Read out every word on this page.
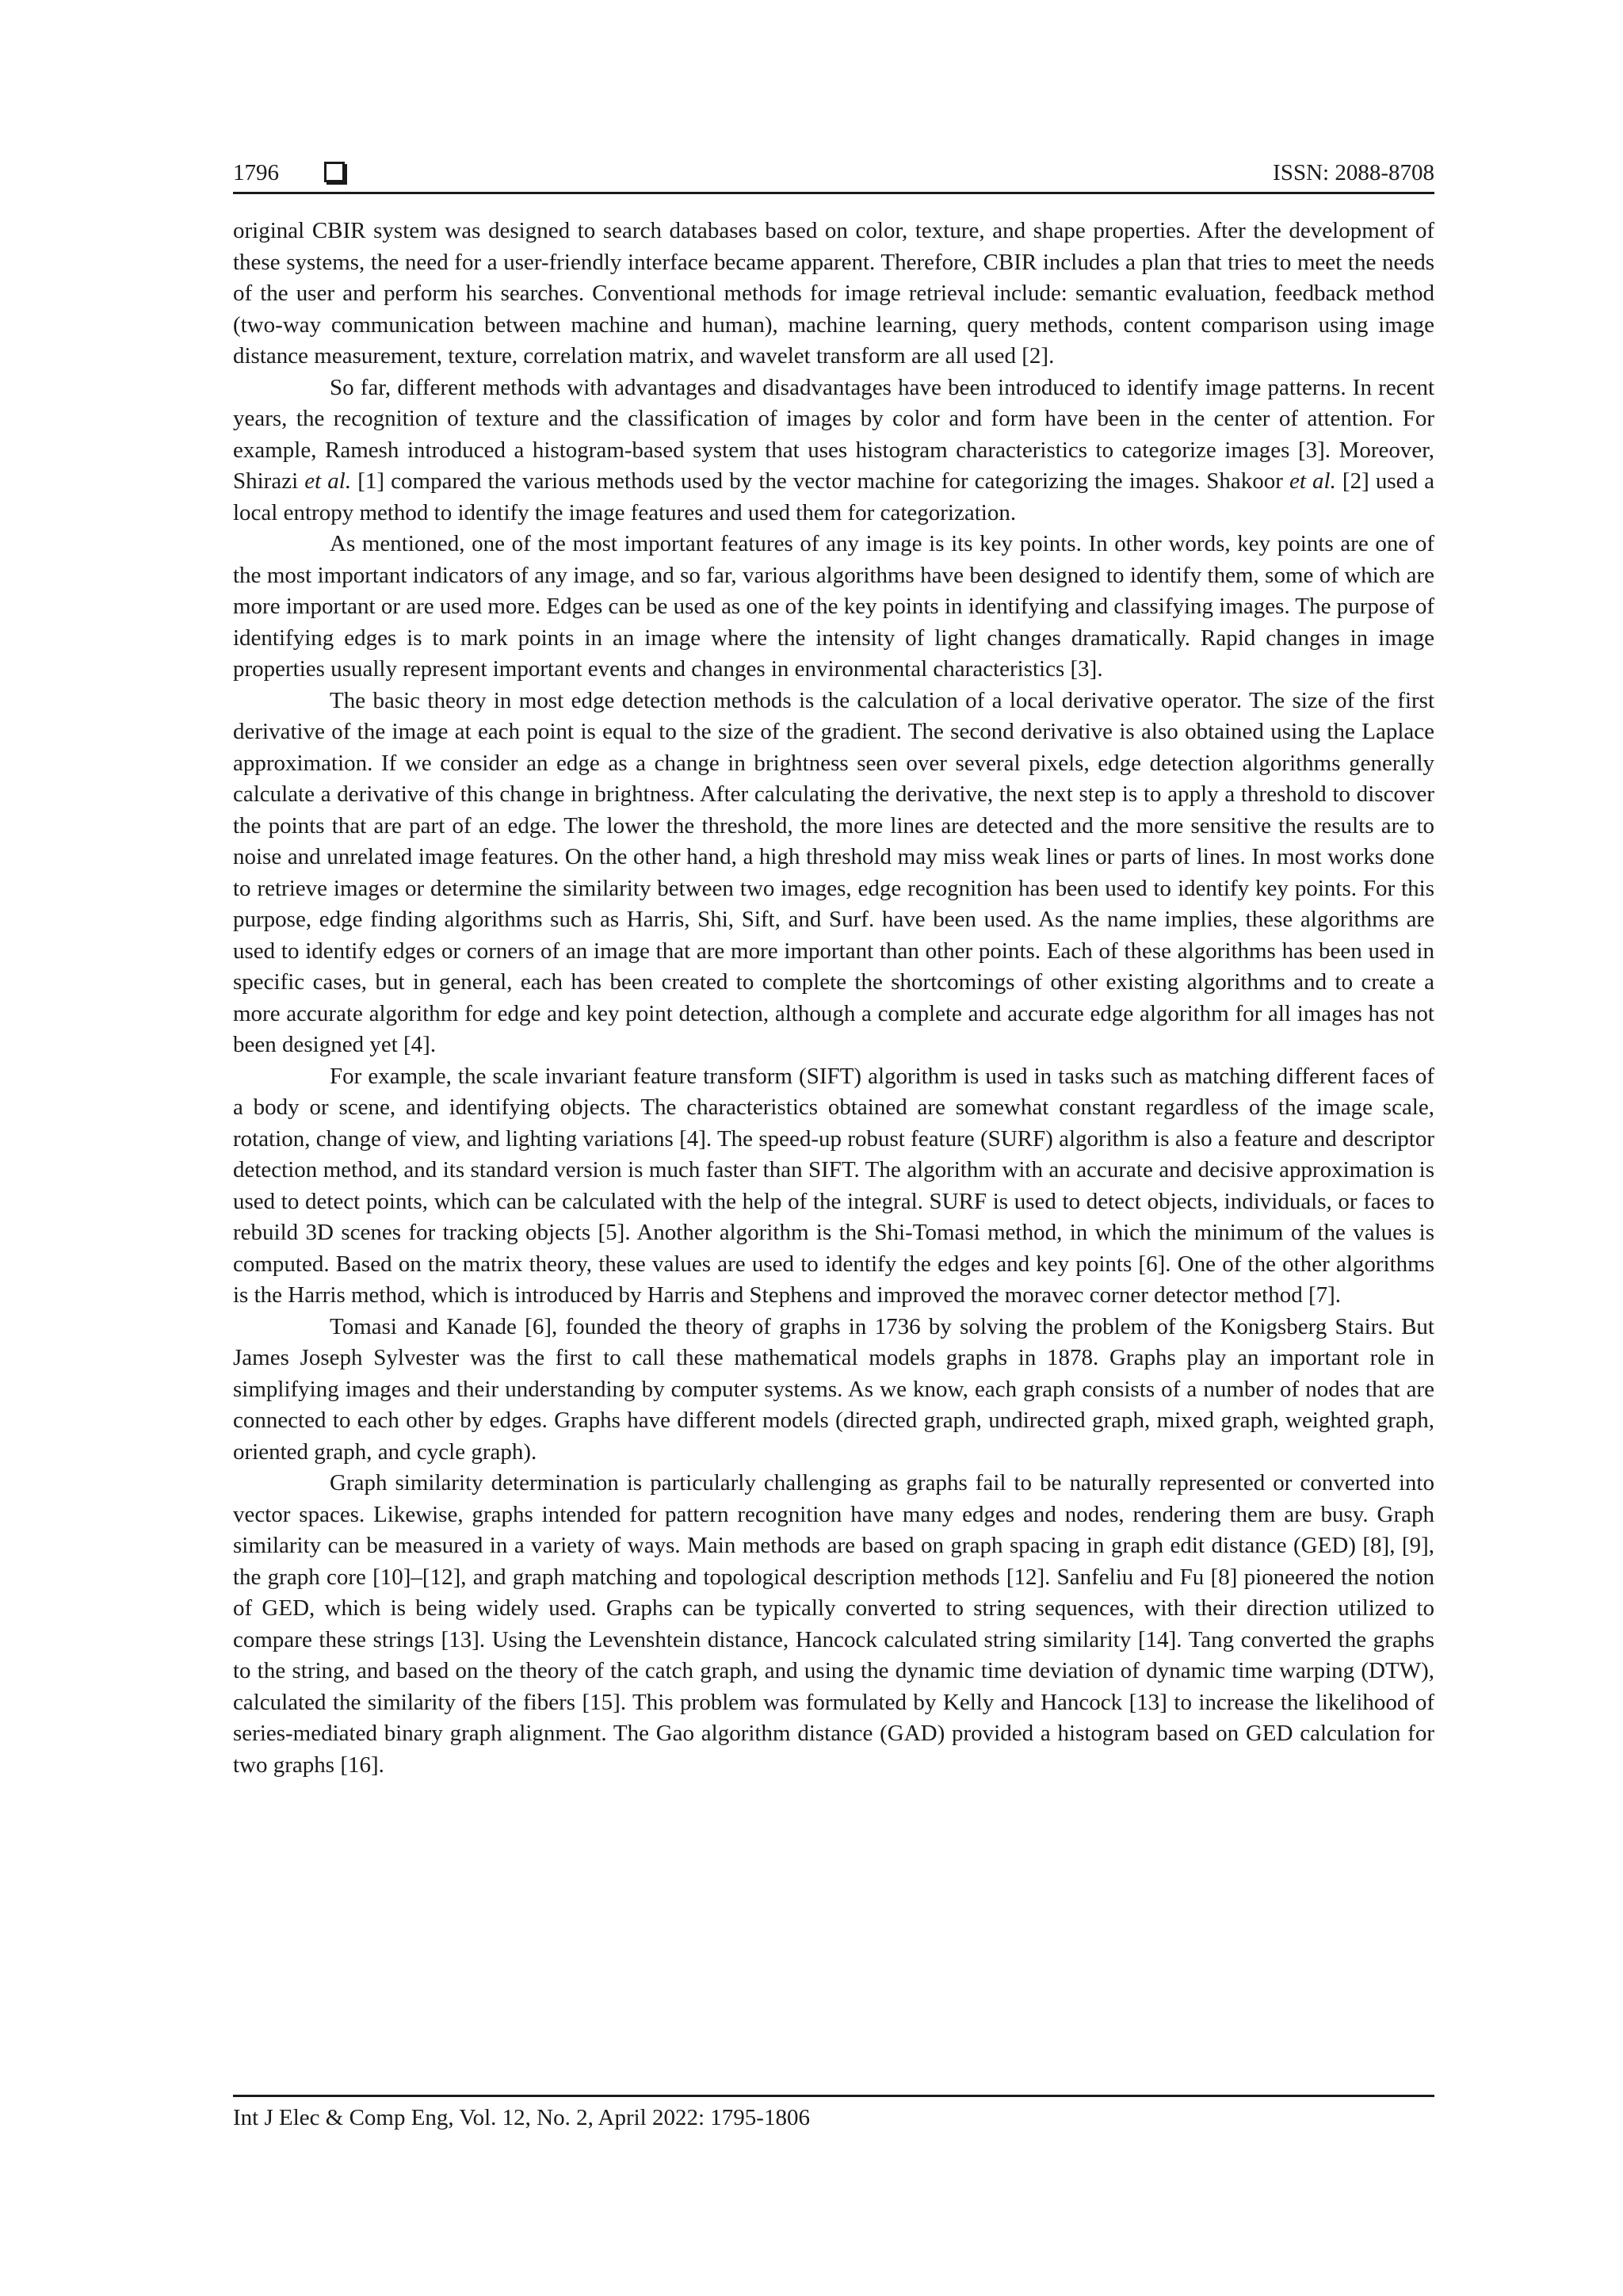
1796	ISSN: 2088-8708

original CBIR system was designed to search databases based on color, texture, and shape properties. After the development of these systems, the need for a user-friendly interface became apparent. Therefore, CBIR includes a plan that tries to meet the needs of the user and perform his searches. Conventional methods for image retrieval include: semantic evaluation, feedback method (two-way communication between machine and human), machine learning, query methods, content comparison using image distance measurement, texture, correlation matrix, and wavelet transform are all used [2].

So far, different methods with advantages and disadvantages have been introduced to identify image patterns. In recent years, the recognition of texture and the classification of images by color and form have been in the center of attention. For example, Ramesh introduced a histogram-based system that uses histogram characteristics to categorize images [3]. Moreover, Shirazi et al. [1] compared the various methods used by the vector machine for categorizing the images. Shakoor et al. [2] used a local entropy method to identify the image features and used them for categorization.

As mentioned, one of the most important features of any image is its key points. In other words, key points are one of the most important indicators of any image, and so far, various algorithms have been designed to identify them, some of which are more important or are used more. Edges can be used as one of the key points in identifying and classifying images. The purpose of identifying edges is to mark points in an image where the intensity of light changes dramatically. Rapid changes in image properties usually represent important events and changes in environmental characteristics [3].

The basic theory in most edge detection methods is the calculation of a local derivative operator. The size of the first derivative of the image at each point is equal to the size of the gradient. The second derivative is also obtained using the Laplace approximation. If we consider an edge as a change in brightness seen over several pixels, edge detection algorithms generally calculate a derivative of this change in brightness. After calculating the derivative, the next step is to apply a threshold to discover the points that are part of an edge. The lower the threshold, the more lines are detected and the more sensitive the results are to noise and unrelated image features. On the other hand, a high threshold may miss weak lines or parts of lines. In most works done to retrieve images or determine the similarity between two images, edge recognition has been used to identify key points. For this purpose, edge finding algorithms such as Harris, Shi, Sift, and Surf. have been used. As the name implies, these algorithms are used to identify edges or corners of an image that are more important than other points. Each of these algorithms has been used in specific cases, but in general, each has been created to complete the shortcomings of other existing algorithms and to create a more accurate algorithm for edge and key point detection, although a complete and accurate edge algorithm for all images has not been designed yet [4].

For example, the scale invariant feature transform (SIFT) algorithm is used in tasks such as matching different faces of a body or scene, and identifying objects. The characteristics obtained are somewhat constant regardless of the image scale, rotation, change of view, and lighting variations [4]. The speed-up robust feature (SURF) algorithm is also a feature and descriptor detection method, and its standard version is much faster than SIFT. The algorithm with an accurate and decisive approximation is used to detect points, which can be calculated with the help of the integral. SURF is used to detect objects, individuals, or faces to rebuild 3D scenes for tracking objects [5]. Another algorithm is the Shi-Tomasi method, in which the minimum of the values is computed. Based on the matrix theory, these values are used to identify the edges and key points [6]. One of the other algorithms is the Harris method, which is introduced by Harris and Stephens and improved the moravec corner detector method [7].

Tomasi and Kanade [6], founded the theory of graphs in 1736 by solving the problem of the Konigsberg Stairs. But James Joseph Sylvester was the first to call these mathematical models graphs in 1878. Graphs play an important role in simplifying images and their understanding by computer systems. As we know, each graph consists of a number of nodes that are connected to each other by edges. Graphs have different models (directed graph, undirected graph, mixed graph, weighted graph, oriented graph, and cycle graph).

Graph similarity determination is particularly challenging as graphs fail to be naturally represented or converted into vector spaces. Likewise, graphs intended for pattern recognition have many edges and nodes, rendering them are busy. Graph similarity can be measured in a variety of ways. Main methods are based on graph spacing in graph edit distance (GED) [8], [9], the graph core [10]–[12], and graph matching and topological description methods [12]. Sanfeliu and Fu [8] pioneered the notion of GED, which is being widely used. Graphs can be typically converted to string sequences, with their direction utilized to compare these strings [13]. Using the Levenshtein distance, Hancock calculated string similarity [14]. Tang converted the graphs to the string, and based on the theory of the catch graph, and using the dynamic time deviation of dynamic time warping (DTW), calculated the similarity of the fibers [15]. This problem was formulated by Kelly and Hancock [13] to increase the likelihood of series-mediated binary graph alignment. The Gao algorithm distance (GAD) provided a histogram based on GED calculation for two graphs [16].

Int J Elec & Comp Eng, Vol. 12, No. 2, April 2022: 1795-1806
